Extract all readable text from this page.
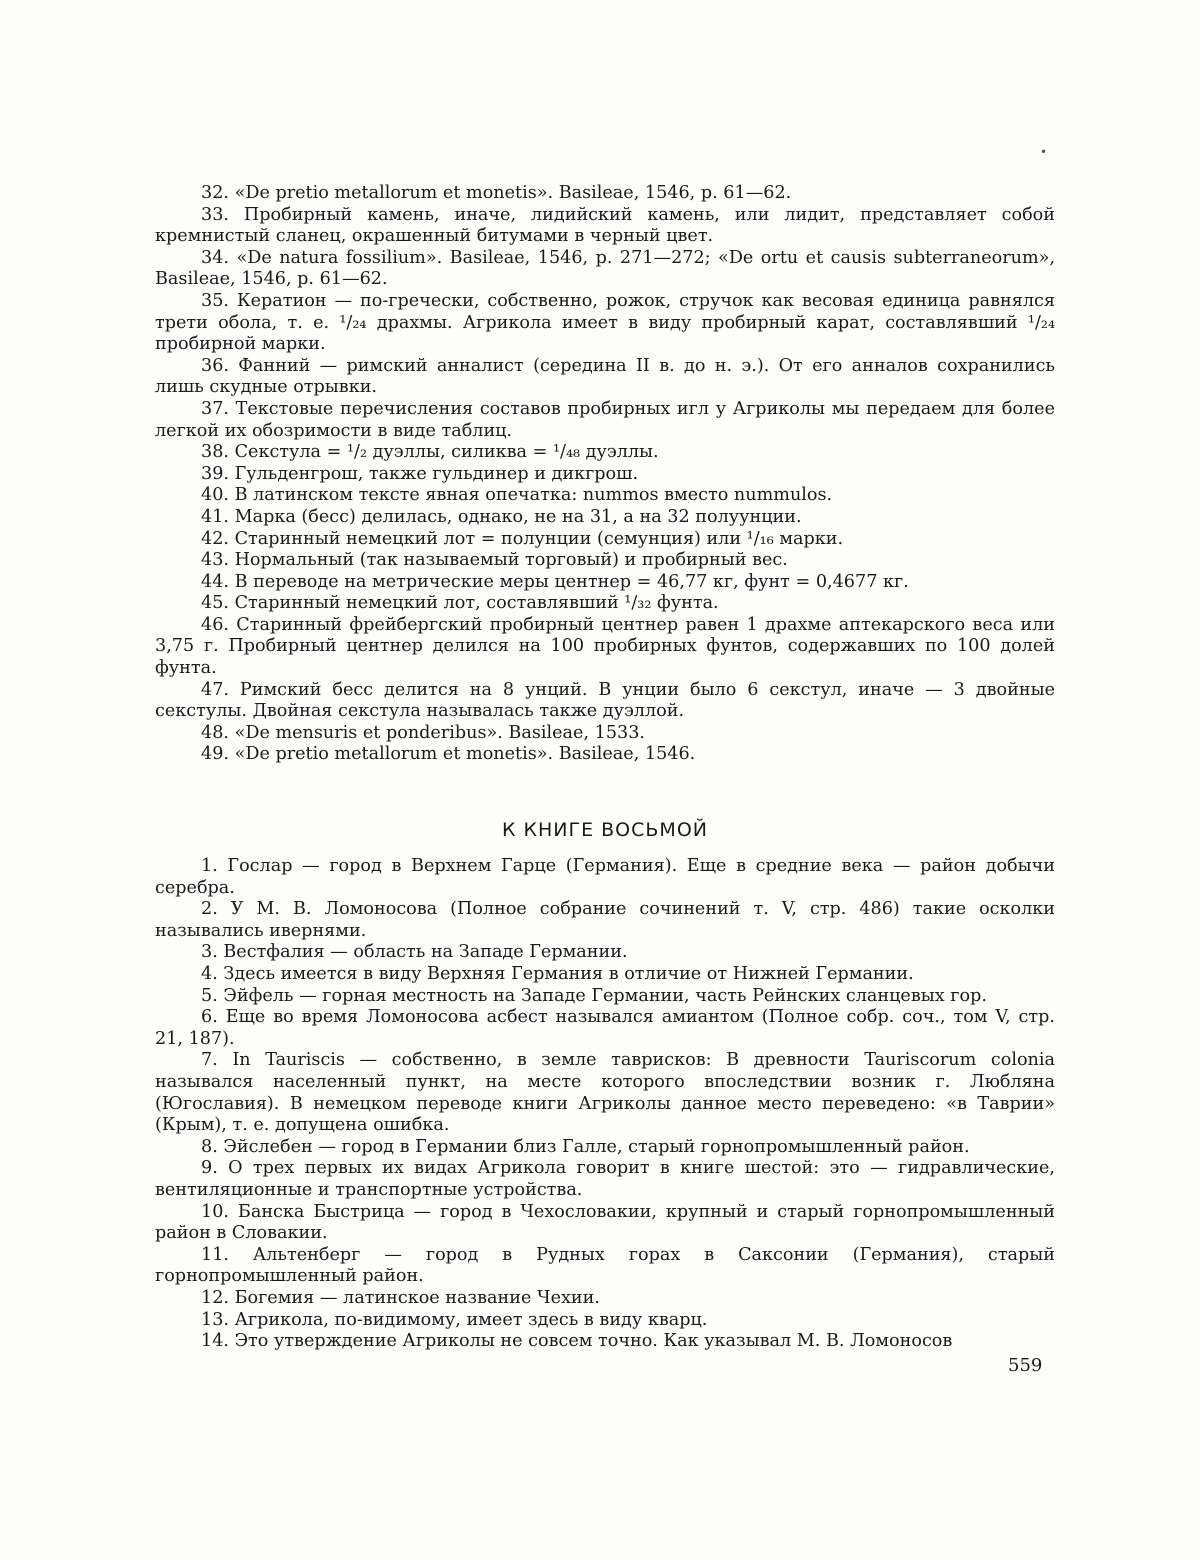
•

32. «De pretio metallorum et monetis». Basileae, 1546, p. 61—62.

33. Пробирный камень, иначе, лидийский камень, или лидит, представляет собой кремнистый сланец, окрашенный битумами в черный цвет.

34. «De natura fossilium». Basileae, 1546, p. 271—272; «De ortu et causis subterraneorum», Basileae, 1546, p. 61—62.

35. Кератион — по-гречески, собственно, рожок, стручок как весовая единица равнялся трети обола, т. е. ¹/₂₄ драхмы. Агрикола имеет в виду пробирный карат, составлявший ¹/₂₄ пробирной марки.

36. Фанний — римский анналист (середина II в. до н. э.). От его анналов сохранились лишь скудные отрывки.

37. Текстовые перечисления составов пробирных игл у Агриколы мы передаем для более легкой их обозримости в виде таблиц.

38. Секстула = ¹/₂ дуэллы, силиква = ¹/₄₈ дуэллы.

39. Гульденгрош, также гульдинер и дикгрош.

40. В латинском тексте явная опечатка: nummos вместо nummulos.

41. Марка (бесс) делилась, однако, не на 31, а на 32 полуунции.

42. Старинный немецкий лот = полунции (семунция) или ¹/₁₆ марки.

43. Нормальный (так называемый торговый) и пробирный вес.

44. В переводе на метрические меры центнер = 46,77 кг, фунт = 0,4677 кг.

45. Старинный немецкий лот, составлявший ¹/₃₂ фунта.

46. Старинный фрейбергский пробирный центнер равен 1 драхме аптекарского веса или 3,75 г. Пробирный центнер делился на 100 пробирных фунтов, содержавших по 100 долей фунта.

47. Римский бесс делится на 8 унций. В унции было 6 секстул, иначе — 3 двойные секстулы. Двойная секстула называлась также дуэллой.

48. «De mensuris et ponderibus». Basileae, 1533.

49. «De pretio metallorum et monetis». Basileae, 1546.

К КНИГЕ ВОСЬМОЙ

1. Гослар — город в Верхнем Гарце (Германия). Еще в средние века — район добычи серебра.

2. У М. В. Ломоносова (Полное собрание сочинений т. V, стр. 486) такие осколки назывались ивернями.

3. Вестфалия — область на Западе Германии.

4. Здесь имеется в виду Верхняя Германия в отличие от Нижней Германии.

5. Эйфель — горная местность на Западе Германии, часть Рейнских сланцевых гор.

6. Еще во время Ломоносова асбест назывался амиантом (Полное собр. соч., том V, стр. 21, 187).

7. In Tauriscis — собственно, в земле таврисков: В древности Tauriscorum colonia назывался населенный пункт, на месте которого впоследствии возник г. Любляна (Югославия). В немецком переводе книги Агриколы данное место переведено: «в Таврии» (Крым), т. е. допущена ошибка.

8. Эйслебен — город в Германии близ Галле, старый горнопромышленный район.

9. О трех первых их видах Агрикола говорит в книге шестой: это — гидравлические, вентиляционные и транспортные устройства.

10. Банска Быстрица — город в Чехословакии, крупный и старый горнопромышленный район в Словакии.

11. Альтенберг — город в Рудных горах в Саксонии (Германия), старый горнопромышленный район.

12. Богемия — латинское название Чехии.

13. Агрикола, по-видимому, имеет здесь в виду кварц.

14. Это утверждение Агриколы не совсем точно. Как указывал М. В. Ломоносов

559
